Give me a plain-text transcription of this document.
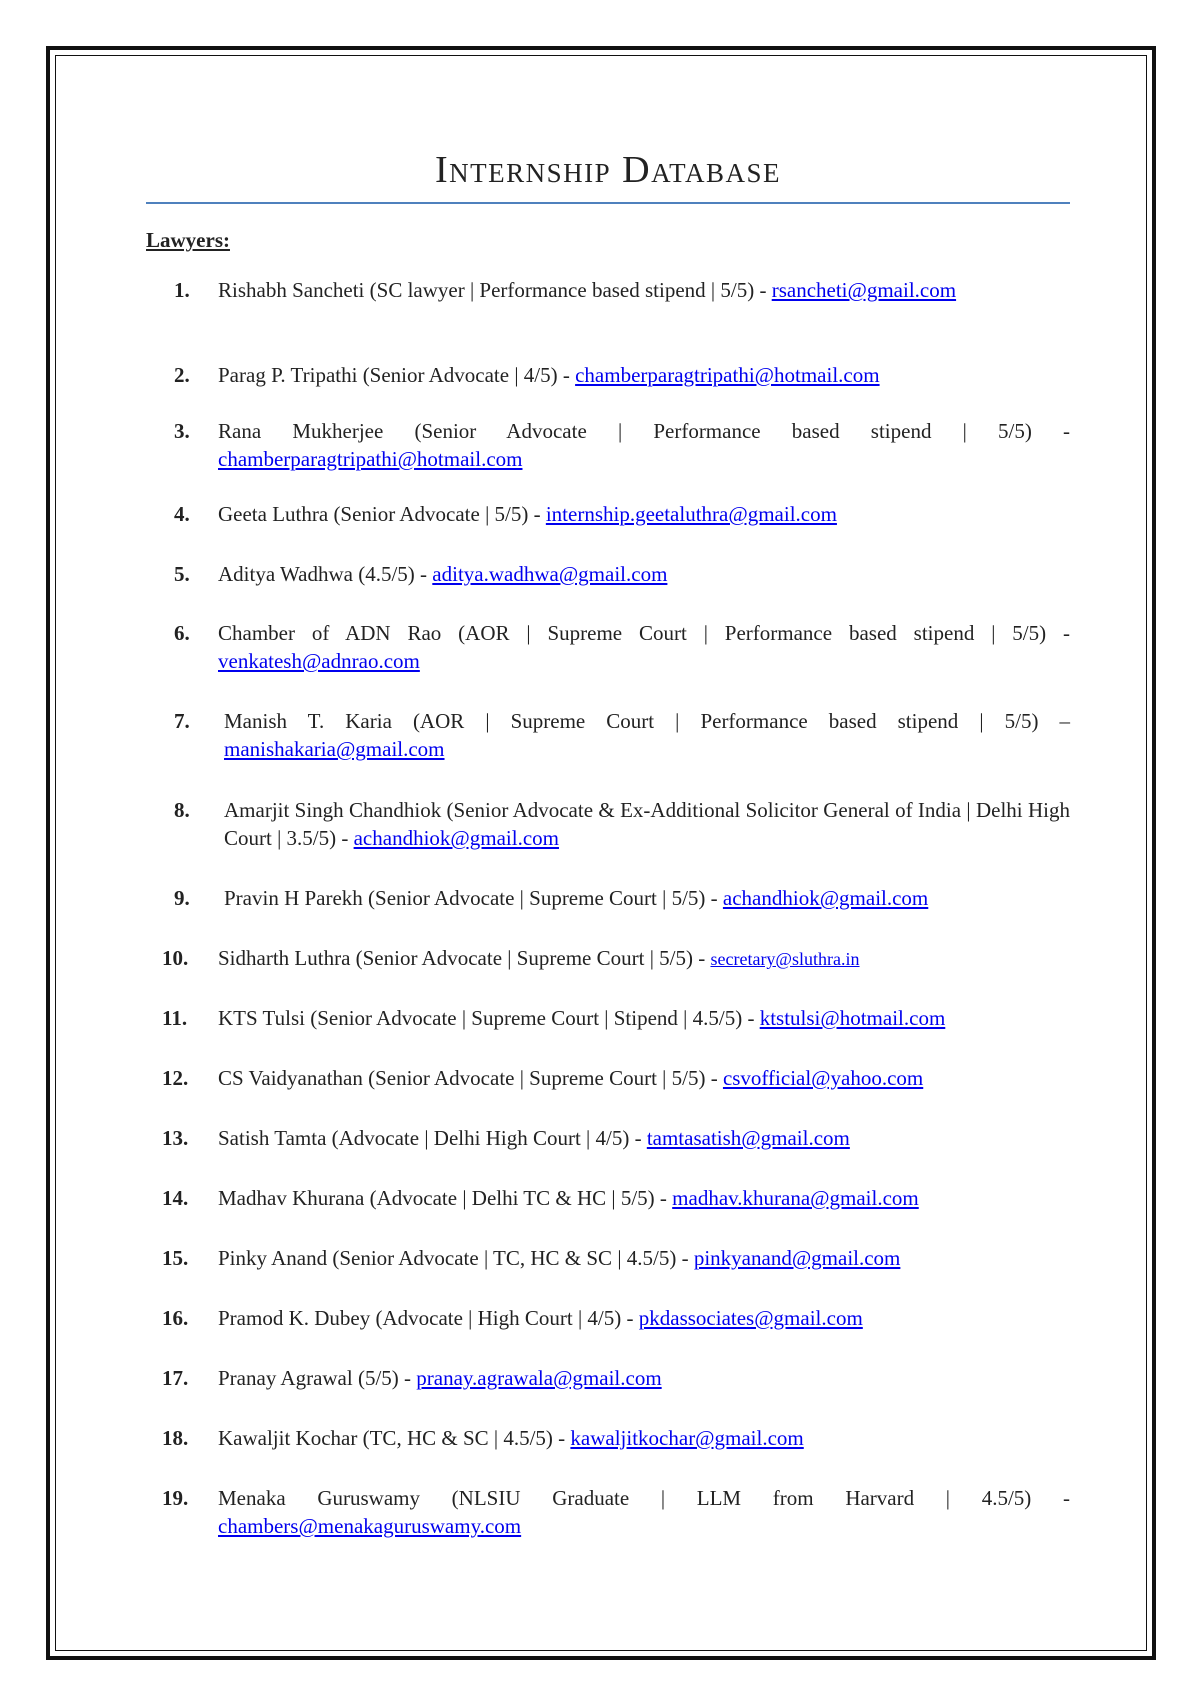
Internship Database
Lawyers:
1. Rishabh Sancheti (SC lawyer | Performance based stipend | 5/5) - rsancheti@gmail.com
2. Parag P. Tripathi (Senior Advocate | 4/5) - chamberparagtripathi@hotmail.com
3. Rana Mukherjee (Senior Advocate | Performance based stipend | 5/5) - chamberparagtripathi@hotmail.com
4. Geeta Luthra (Senior Advocate | 5/5) - internship.geetaluthra@gmail.com
5. Aditya Wadhwa (4.5/5) - aditya.wadhwa@gmail.com
6. Chamber of ADN Rao (AOR | Supreme Court | Performance based stipend | 5/5) - venkatesh@adnrao.com
7. Manish T. Karia (AOR | Supreme Court | Performance based stipend | 5/5) – manishakaria@gmail.com
8. Amarjit Singh Chandhiok (Senior Advocate & Ex-Additional Solicitor General of India | Delhi High Court | 3.5/5) - achandhiok@gmail.com
9. Pravin H Parekh (Senior Advocate | Supreme Court | 5/5) - achandhiok@gmail.com
10. Sidharth Luthra (Senior Advocate | Supreme Court | 5/5) - secretary@sluthra.in
11. KTS Tulsi (Senior Advocate | Supreme Court | Stipend | 4.5/5) - ktstulsi@hotmail.com
12. CS Vaidyanathan (Senior Advocate | Supreme Court | 5/5) - csvofficial@yahoo.com
13. Satish Tamta (Advocate | Delhi High Court | 4/5) - tamtasatish@gmail.com
14. Madhav Khurana (Advocate | Delhi TC & HC | 5/5) - madhav.khurana@gmail.com
15. Pinky Anand (Senior Advocate | TC, HC & SC | 4.5/5) - pinkyanand@gmail.com
16. Pramod K. Dubey (Advocate | High Court | 4/5) - pkdassociates@gmail.com
17. Pranay Agrawal (5/5) - pranay.agrawala@gmail.com
18. Kawaljit Kochar (TC, HC & SC | 4.5/5) - kawaljitkochar@gmail.com
19. Menaka Guruswamy (NLSIU Graduate | LLM from Harvard | 4.5/5) - chambers@menakaguruswamy.com
